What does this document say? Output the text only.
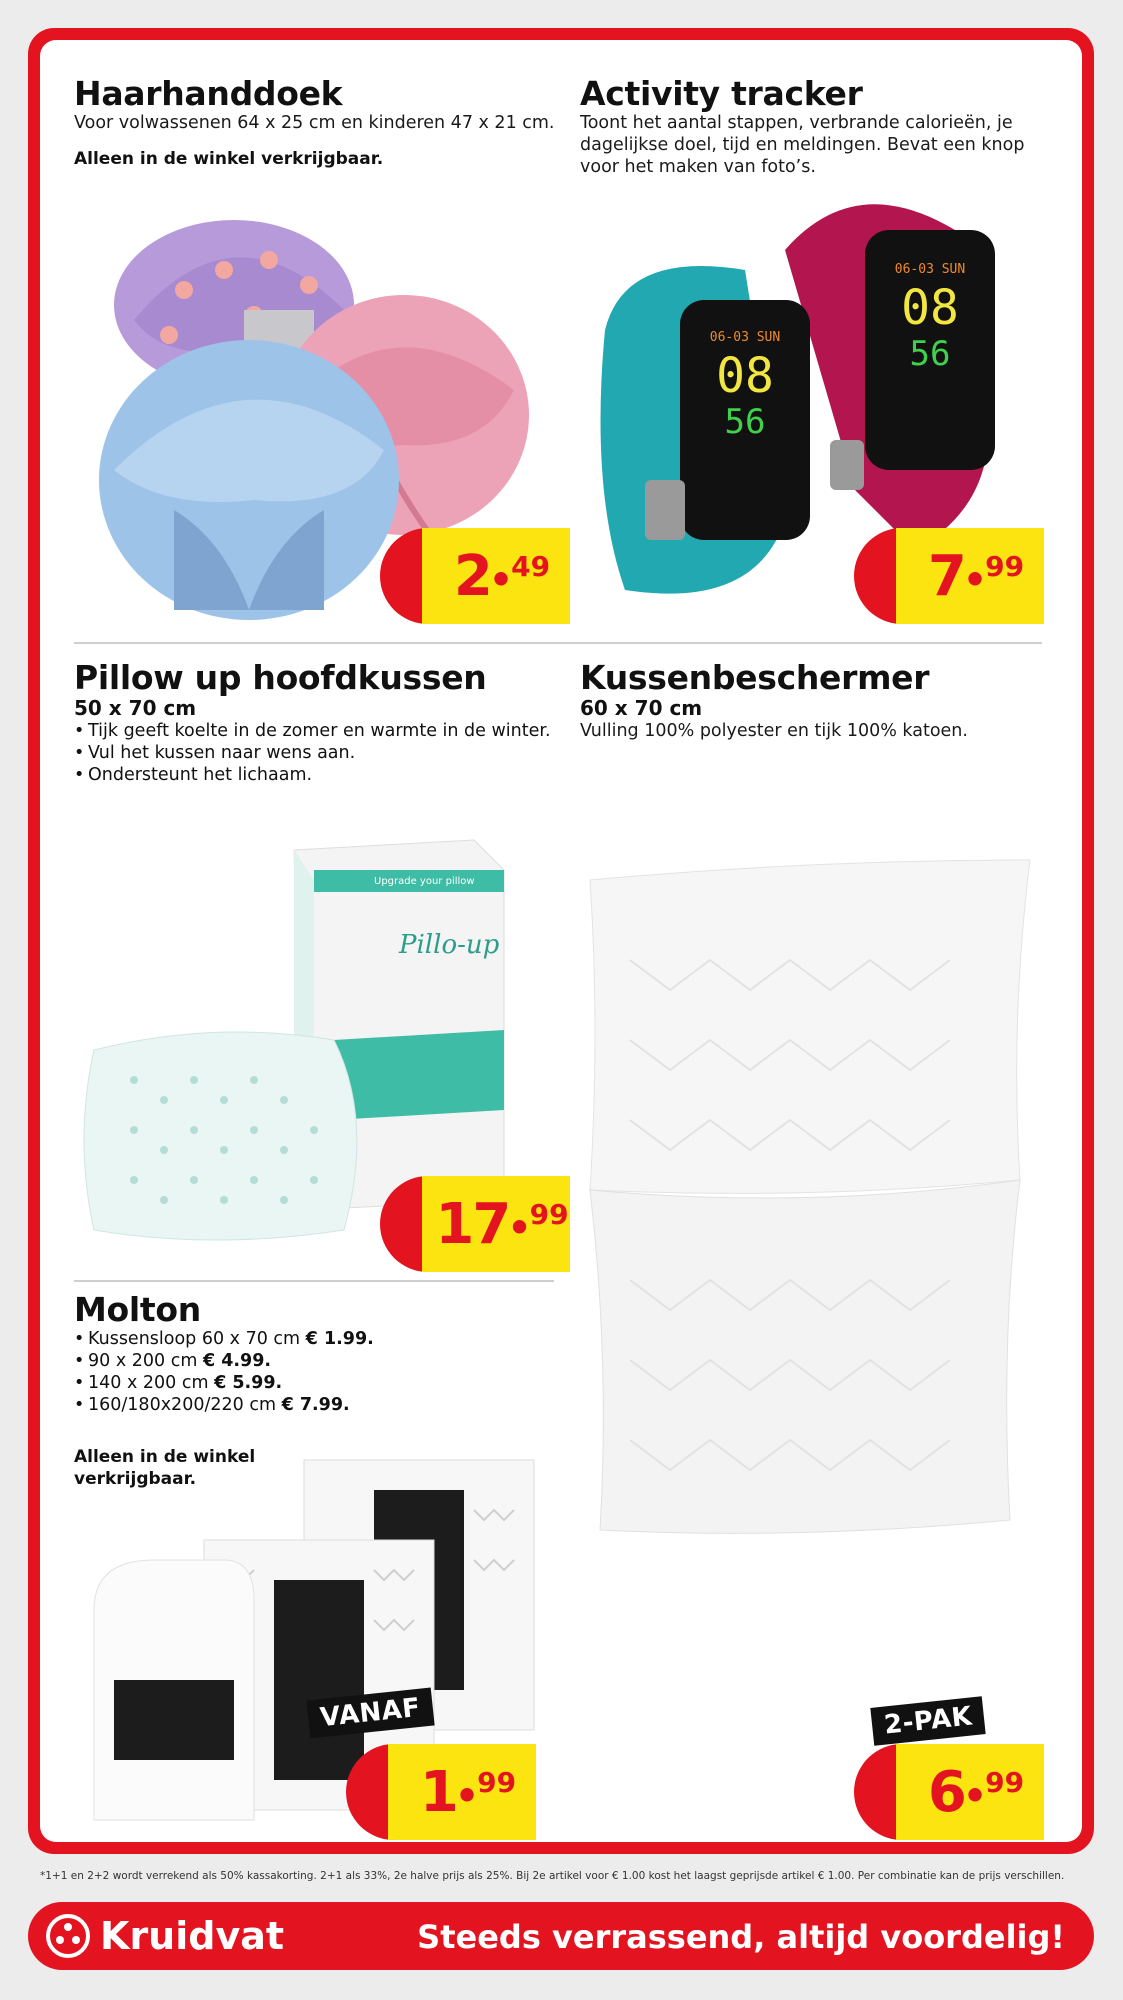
Haarhanddoek
Voor volwassenen 64 x 25 cm en kinderen 47 x 21 cm.
Alleen in de winkel verkrijgbaar.
2
•
49
Activity tracker
Toont het aantal stappen, verbrande calorieën, je
dagelijkse doel, tijd en meldingen. Bevat een knop
voor het maken van foto’s.
06-03 SUN
08
56
06-03 SUN
08
56
7
•
99
Pillow up hoofdkussen
50 x 70 cm
• Tijk geeft koelte in de zomer en warmte in de winter.
• Vul het kussen naar wens aan.
• Ondersteunt het lichaam.
Upgrade your pillow
Pillo-up
17
•
99
Kussenbeschermer
60 x 70 cm
Vulling 100% polyester en tijk 100% katoen.
2-PAK
6
•
99
Molton
• Kussensloop 60 x 70 cm € 1.99.
• 90 x 200 cm € 4.99.
• 140 x 200 cm € 5.99.
• 160/180x200/220 cm € 7.99.
Alleen in de winkel
verkrijgbaar.
VANAF
1
•
99
*1+1 en 2+2 wordt verrekend als 50% kassakorting. 2+1 als 33%, 2e halve prijs als 25%. Bij 2e artikel voor € 1.00 kost het laagst geprijsde artikel € 1.00. Per combinatie kan de prijs verschillen.
Kruidvat	Steeds verrassend, altijd voordelig!
